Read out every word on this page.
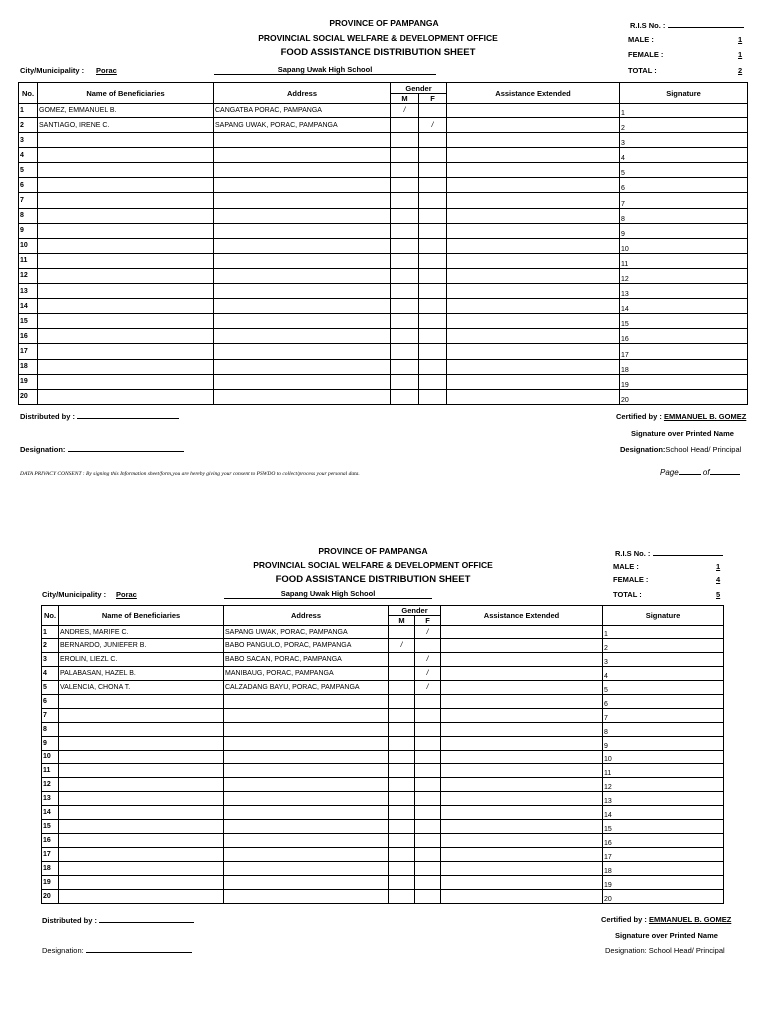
PROVINCE OF PAMPANGA
PROVINCIAL SOCIAL WELFARE & DEVELOPMENT OFFICE
FOOD ASSISTANCE DISTRIBUTION SHEET
R.I.S No. :
MALE :	1
FEMALE :	1
TOTAL :	2
City/Municipality : Porac	Sapang Uwak High School
No.	Name of Beneficiaries	Address	Gender		Assistance Extended	Signature
			M	F		
1	GOMEZ, EMMANUEL B.	CANGATBA PORAC, PAMPANGA	/			1
2	SANTIAGO, IRENE C.	SAPANG UWAK, PORAC, PAMPANGA		/		2
3						3
4						4
5						5
6						6
7						7
8						8
9						9
10						10
11						11
12						12
13						13
14						14
15						15
16						16
17						17
18						18
19						19
20						20
Distributed by :
Designation:
Certified by : EMMANUEL B. GOMEZ
Signature over Printed Name
Designation:School Head/ Principal
DATA PRIVACY CONSENT : By signing this Information sheet/form,you are hereby giving your consent to PSWDO to collect/process your personal data.	Page	of
PROVINCE OF PAMPANGA
PROVINCIAL SOCIAL WELFARE & DEVELOPMENT OFFICE
FOOD ASSISTANCE DISTRIBUTION SHEET
R.I.S No. :
MALE :	1
FEMALE :	4
TOTAL :	5
City/Municipality : Porac	Sapang Uwak High School
No.	Name of Beneficiaries	Address	Gender		Assistance Extended	Signature
			M	F		
1	ANDRES, MARIFE C.	SAPANG UWAK, PORAC, PAMPANGA		/		1
2	BERNARDO, JUNIEFER B.	BABO PANGULO, PORAC, PAMPANGA	/			2
3	EROLIN, LIEZL C.	BABO SACAN, PORAC, PAMPANGA		/		3
4	PALABASAN, HAZEL B.	MANIBAUG, PORAC, PAMPANGA		/		4
5	VALENCIA, CHONA T.	CALZADANG BAYU, PORAC, PAMPANGA		/		5
6						6
7						7
8						8
9						9
10						10
11						11
12						12
13						13
14						14
15						15
16						16
17						17
18						18
19						19
20						20
Distributed by :
Designation:
Certified by : EMMANUEL B. GOMEZ
Signature over Printed Name
Designation: School Head/ Principal
